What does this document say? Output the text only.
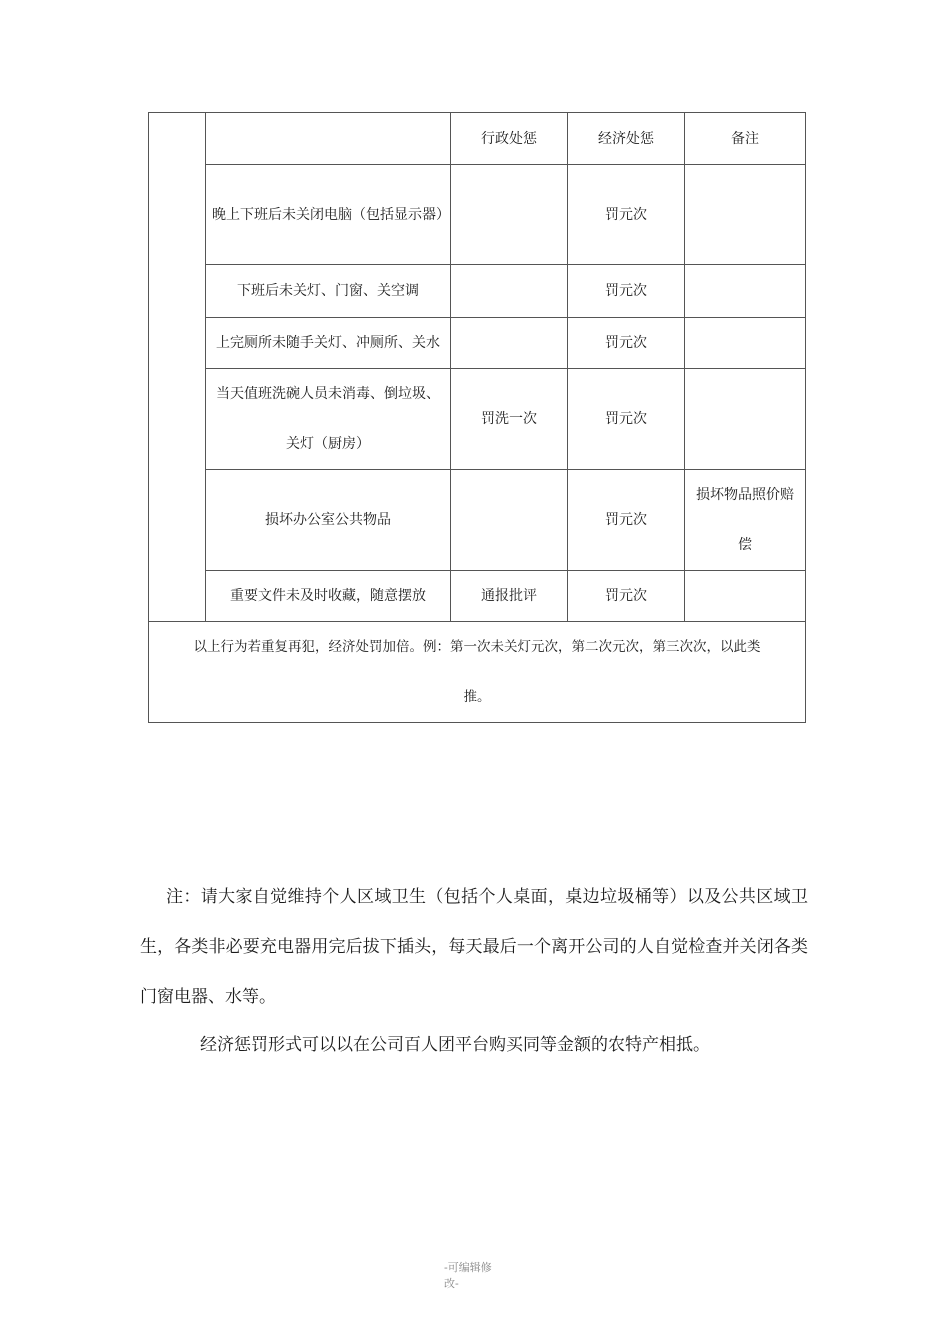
		行政处惩	经济处惩	备注
	晚上下班后未关闭电脑（包括显示器）		罚元次	
	下班后未关灯、门窗、关空调		罚元次	
	上完厕所未随手关灯、冲厕所、关水		罚元次	
	当天值班洗碗人员未消毒、倒垃圾、关灯（厨房）	罚洗一次	罚元次	
	损坏办公室公共物品		罚元次	损坏物品照价赔偿
	重要文件未及时收藏，随意摆放	通报批评	罚元次	
以上行为若重复再犯，经济处罚加倍。例：第一次未关灯元次，第二次元次，第三次次，以此类推。				

注：请大家自觉维持个人区域卫生（包括个人桌面，桌边垃圾桶等）以及公共区域卫生，各类非必要充电器用完后拔下插头，每天最后一个离开公司的人自觉检查并关闭各类门窗电器、水等。

经济惩罚形式可以以在公司百人团平台购买同等金额的农特产相抵。

-可编辑修改-
